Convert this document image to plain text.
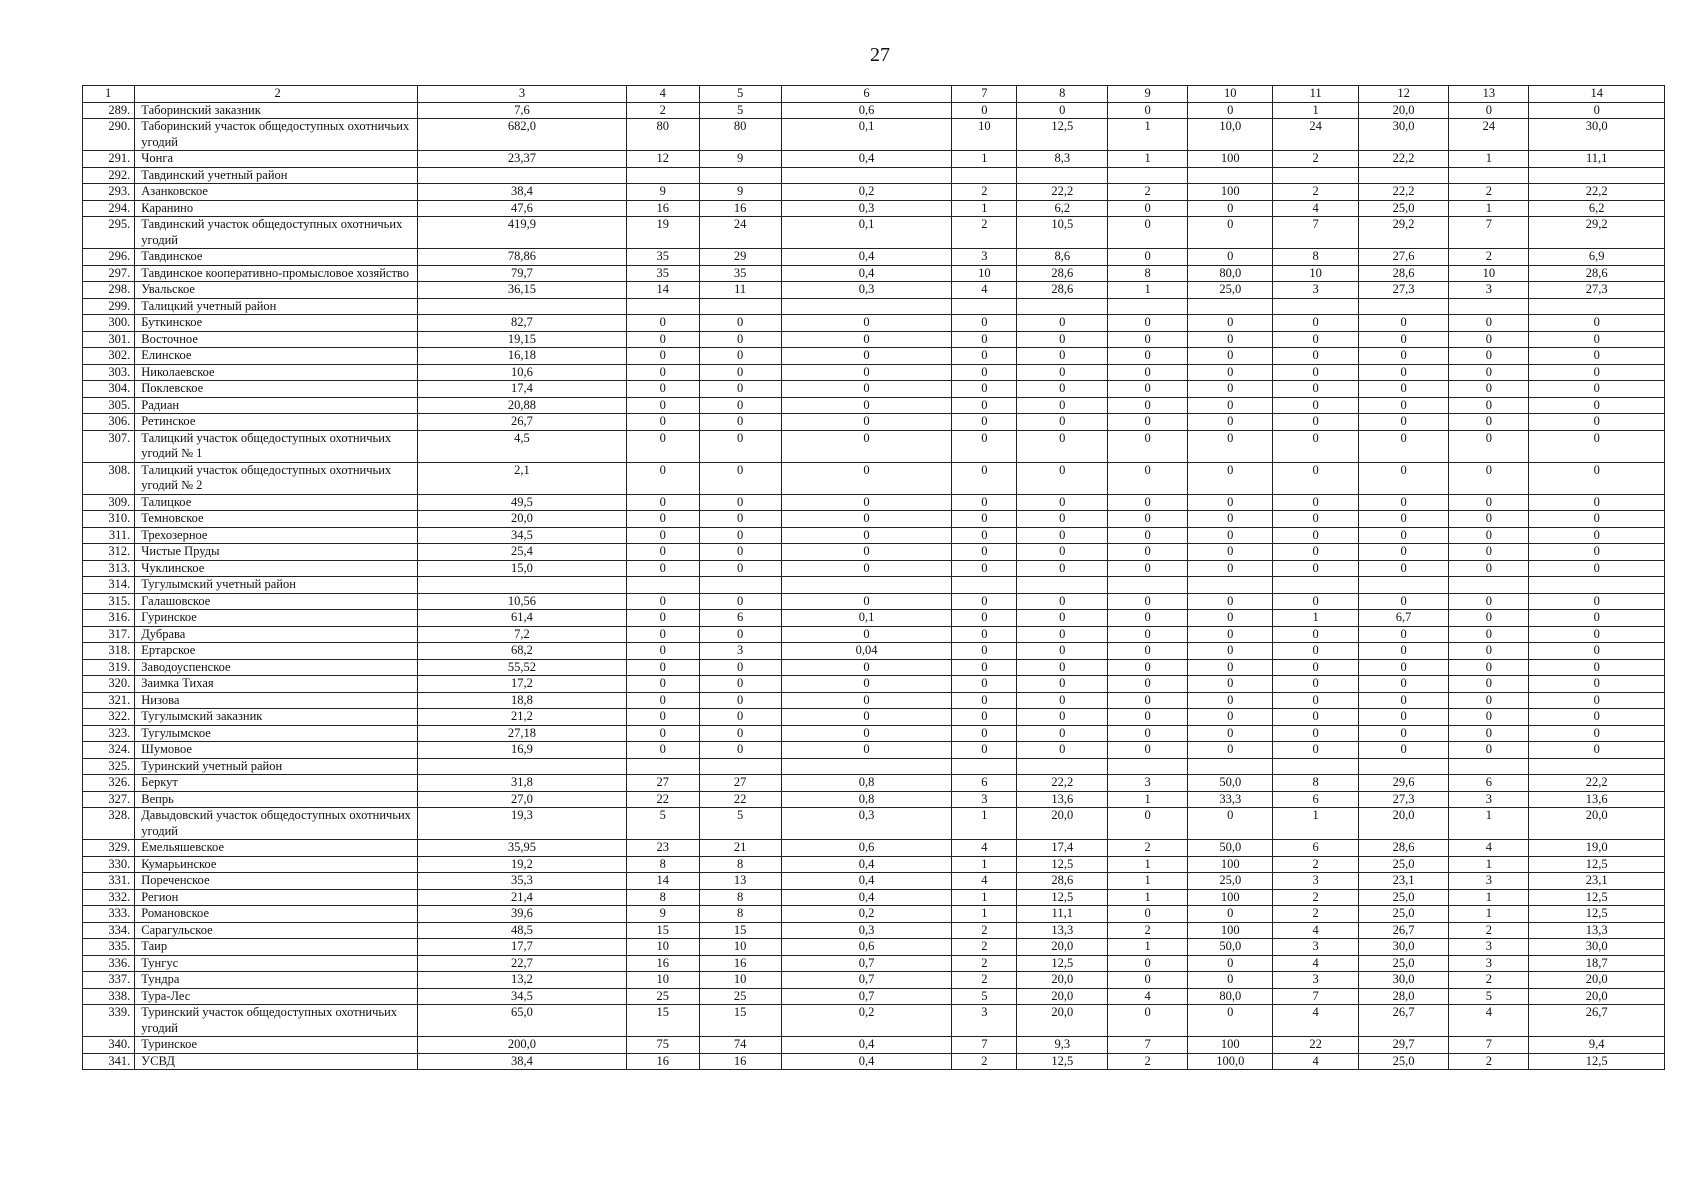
27
1	2	3	4	5	6	7	8	9	10	11	12	13	14
289.	Таборинский заказник	7,6	2	5	0,6	0	0	0	0	1	20,0	0	0
290.	Таборинский участок общедоступных охотничьих угодий	682,0	80	80	0,1	10	12,5	1	10,0	24	30,0	24	30,0
291.	Чонга	23,37	12	9	0,4	1	8,3	1	100	2	22,2	1	11,1
292.	Тавдинский учетный район												
293.	Азанковское	38,4	9	9	0,2	2	22,2	2	100	2	22,2	2	22,2
294.	Каранино	47,6	16	16	0,3	1	6,2	0	0	4	25,0	1	6,2
295.	Тавдинский участок общедоступных охотничьих угодий	419,9	19	24	0,1	2	10,5	0	0	7	29,2	7	29,2
296.	Тавдинское	78,86	35	29	0,4	3	8,6	0	0	8	27,6	2	6,9
297.	Тавдинское кооперативно-промысловое хозяйство	79,7	35	35	0,4	10	28,6	8	80,0	10	28,6	10	28,6
298.	Увальское	36,15	14	11	0,3	4	28,6	1	25,0	3	27,3	3	27,3
299.	Талицкий учетный район												
300.	Буткинское	82,7	0	0	0	0	0	0	0	0	0	0	0
301.	Восточное	19,15	0	0	0	0	0	0	0	0	0	0	0
302.	Елинское	16,18	0	0	0	0	0	0	0	0	0	0	0
303.	Николаевское	10,6	0	0	0	0	0	0	0	0	0	0	0
304.	Поклевское	17,4	0	0	0	0	0	0	0	0	0	0	0
305.	Радиан	20,88	0	0	0	0	0	0	0	0	0	0	0
306.	Ретинское	26,7	0	0	0	0	0	0	0	0	0	0	0
307.	Талицкий участок общедоступных охотничьих угодий № 1	4,5	0	0	0	0	0	0	0	0	0	0	0
308.	Талицкий участок общедоступных охотничьих угодий № 2	2,1	0	0	0	0	0	0	0	0	0	0	0
309.	Талицкое	49,5	0	0	0	0	0	0	0	0	0	0	0
310.	Темновское	20,0	0	0	0	0	0	0	0	0	0	0	0
311.	Трехозерное	34,5	0	0	0	0	0	0	0	0	0	0	0
312.	Чистые Пруды	25,4	0	0	0	0	0	0	0	0	0	0	0
313.	Чуклинское	15,0	0	0	0	0	0	0	0	0	0	0	0
314.	Тугулымский учетный район												
315.	Галашовское	10,56	0	0	0	0	0	0	0	0	0	0	0
316.	Гуринское	61,4	0	6	0,1	0	0	0	0	1	6,7	0	0
317.	Дубрава	7,2	0	0	0	0	0	0	0	0	0	0	0
318.	Ертарское	68,2	0	3	0,04	0	0	0	0	0	0	0	0
319.	Заводоуспенское	55,52	0	0	0	0	0	0	0	0	0	0	0
320.	Заимка Тихая	17,2	0	0	0	0	0	0	0	0	0	0	0
321.	Низова	18,8	0	0	0	0	0	0	0	0	0	0	0
322.	Тугулымский заказник	21,2	0	0	0	0	0	0	0	0	0	0	0
323.	Тугулымское	27,18	0	0	0	0	0	0	0	0	0	0	0
324.	Шумовое	16,9	0	0	0	0	0	0	0	0	0	0	0
325.	Туринский учетный район												
326.	Беркут	31,8	27	27	0,8	6	22,2	3	50,0	8	29,6	6	22,2
327.	Вепрь	27,0	22	22	0,8	3	13,6	1	33,3	6	27,3	3	13,6
328.	Давыдовский участок общедоступных охотничьих угодий	19,3	5	5	0,3	1	20,0	0	0	1	20,0	1	20,0
329.	Емельяшевское	35,95	23	21	0,6	4	17,4	2	50,0	6	28,6	4	19,0
330.	Кумарьинское	19,2	8	8	0,4	1	12,5	1	100	2	25,0	1	12,5
331.	Пореченское	35,3	14	13	0,4	4	28,6	1	25,0	3	23,1	3	23,1
332.	Регион	21,4	8	8	0,4	1	12,5	1	100	2	25,0	1	12,5
333.	Романовское	39,6	9	8	0,2	1	11,1	0	0	2	25,0	1	12,5
334.	Сарагульское	48,5	15	15	0,3	2	13,3	2	100	4	26,7	2	13,3
335.	Таир	17,7	10	10	0,6	2	20,0	1	50,0	3	30,0	3	30,0
336.	Тунгус	22,7	16	16	0,7	2	12,5	0	0	4	25,0	3	18,7
337.	Тундра	13,2	10	10	0,7	2	20,0	0	0	3	30,0	2	20,0
338.	Тура-Лес	34,5	25	25	0,7	5	20,0	4	80,0	7	28,0	5	20,0
339.	Туринский участок общедоступных охотничьих угодий	65,0	15	15	0,2	3	20,0	0	0	4	26,7	4	26,7
340.	Туринское	200,0	75	74	0,4	7	9,3	7	100	22	29,7	7	9,4
341.	УСВД	38,4	16	16	0,4	2	12,5	2	100,0	4	25,0	2	12,5
